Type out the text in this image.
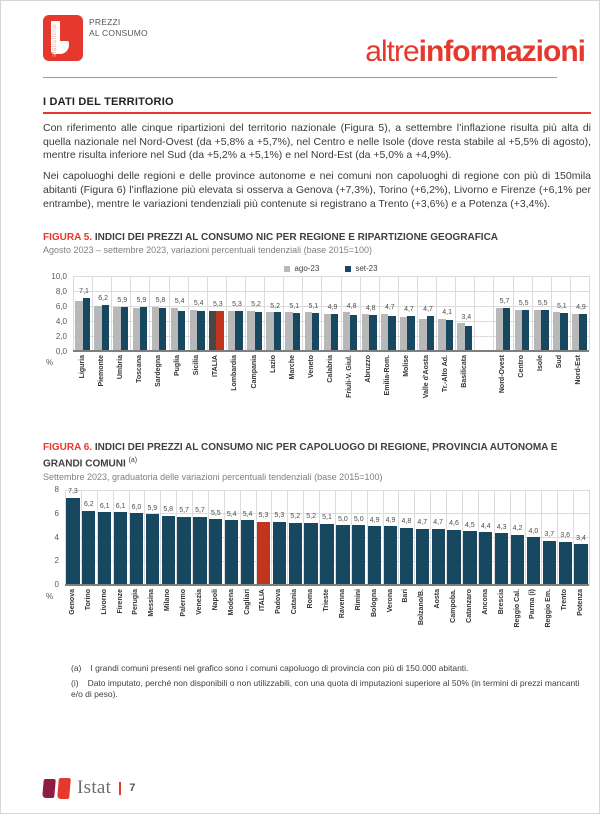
statistiche
PREZZI
AL CONSUMO
altreinformazioni
I DATI DEL TERRITORIO

Con riferimento alle cinque ripartizioni del territorio nazionale (Figura 5), a settembre l’inflazione risulta più alta di quella nazionale nel Nord-Ovest (da +5,8% a +5,7%), nel Centro e nelle Isole (dove resta stabile al +5,5% di agosto), mentre risulta inferiore nel Sud (da +5,2% a +5,1%) e nel Nord-Est (da +5,0% a +4,9%).

Nei capoluoghi delle regioni e delle province autonome e nei comuni non capoluoghi di regione con più di 150mila abitanti (Figura 6) l’inflazione più elevata si osserva a Genova (+7,3%), Torino (+6,2%), Livorno e Firenze (+6,1% per entrambe), mentre le variazioni tendenziali più contenute si registrano a Trento (+3,6%) e a Potenza (+3,4%).

FIGURA 5. INDICI DEI PREZZI AL CONSUMO NIC PER REGIONE E RIPARTIZIONE GEOGRAFICA
Agosto 2023 – settembre 2023, variazioni percentuali tendenziali (base 2015=100)
ago-23	set-23
0,0
2,0
4,0
6,0
8,0
10,0
%
7,1
Liguria
6,2
Piemonte
5,9
Umbria
5,9
Toscana
5,8
Sardegna
5,4
Puglia
5,4
Sicilia
5,3
ITALIA
5,3
Lombardia
5,2
Campania
5,2
Lazio
5,1
Marche
5,1
Veneto
4,9
Calabria
4,8
Friuli-V. Giul.
4,8
Abruzzo
4,7
Emilia-Rom.
4,7
Molise
4,7
Valle d'Aosta
4,1
Tr.-Alto Ad.
3,4
Basilicata
5,7
Nord-Ovest
5,5
Centro
5,5
Isole
5,1
Sud
4,9
Nord-Est
FIGURA 6. INDICI DEI PREZZI AL CONSUMO NIC PER CAPOLUOGO DI REGIONE, PROVINCIA AUTONOMA E GRANDI COMUNI $^{(a)}$
Settembre 2023, graduatoria delle variazioni percentuali tendenziali (base 2015=100)
0
2
4
6
8
%
7,3
Genova
6,2
Torino
6,1
Livorno
6,1
Firenze
6,0
Perugia
5,9
Messina
5,8
Milano
5,7
Palermo
5,7
Venezia
5,5
Napoli
5,4
Modena
5,4
Cagliari
5,3
ITALIA
5,3
Padova
5,2
Catania
5,2
Roma
5,1
Trieste
5,0
Ravenna
5,0
Rimini
4,9
Bologna
4,9
Verona
4,8
Bari
4,7
Bolzano/B.
4,7
Aosta
4,6
Campoba.
4,5
Catanzaro
4,4
Ancona
4,3
Brescia
4,2
Reggio Cal.
4,0
Parma (i)
3,7
Reggio Em.
3,6
Trento
3,4
Potenza
(a) I grandi comuni presenti nel grafico sono i comuni capoluogo di provincia con più di 150.000 abitanti.
(i) Dato imputato, perché non disponibili o non utilizzabili, con una quota di imputazioni superiore al 50% (in termini di prezzi mancanti e/o di peso).
Istat 7
